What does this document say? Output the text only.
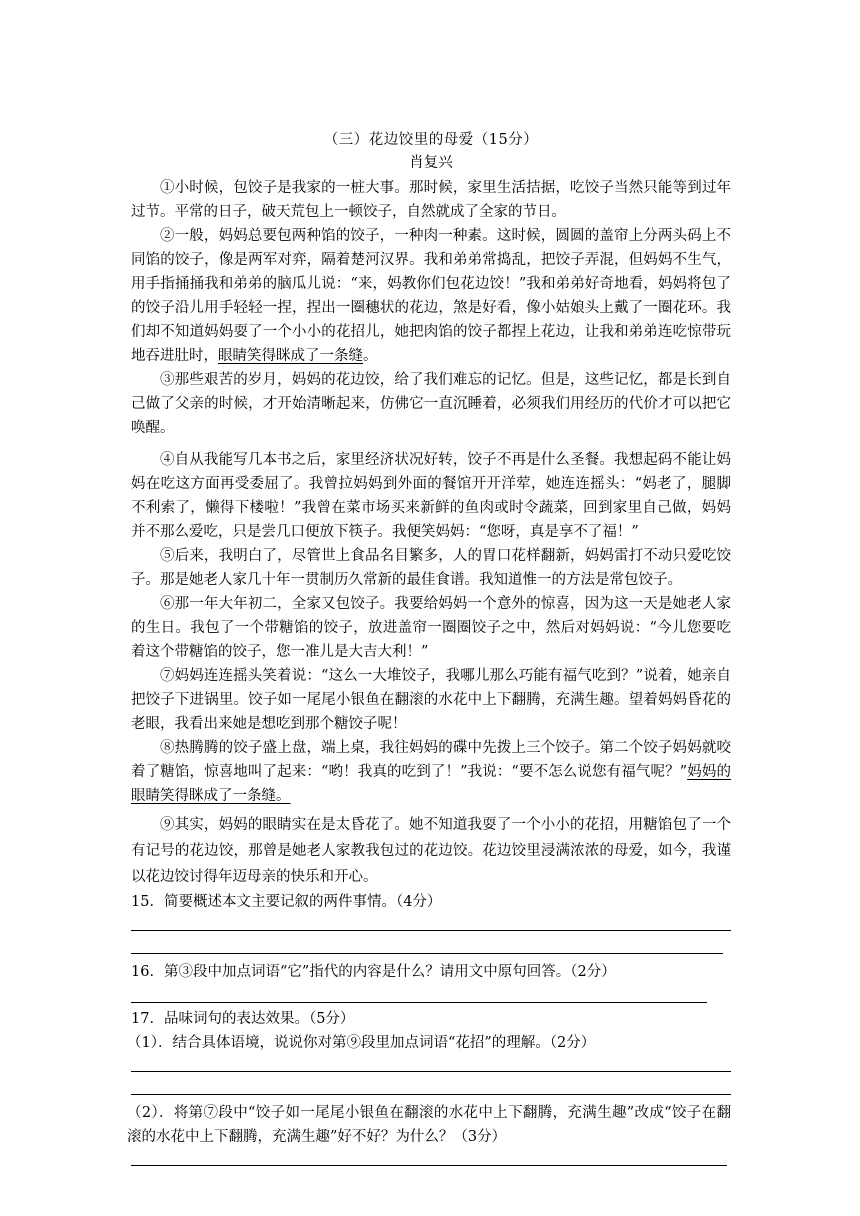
（三）花边饺里的母爱（15分）
肖复兴

①小时候，包饺子是我家的一桩大事。那时候，家里生活拮据，吃饺子当然只能等到过年过节。平常的日子，破天荒包上一顿饺子，自然就成了全家的节日。

②一般，妈妈总要包两种馅的饺子，一种肉一种素。这时候，圆圆的盖帘上分两头码上不同馅的饺子，像是两军对弈，隔着楚河汉界。我和弟弟常捣乱，把饺子弄混，但妈妈不生气，用手指捅捅我和弟弟的脑瓜儿说：“来，妈教你们包花边饺！”我和弟弟好奇地看，妈妈将包了的饺子沿儿用手轻轻一捏，捏出一圈穗状的花边，煞是好看，像小姑娘头上戴了一圈花环。我们却不知道妈妈耍了一个小小的花招儿，她把肉馅的饺子都捏上花边，让我和弟弟连吃惊带玩地吞进肚时，眼睛笑得眯成了一条缝。

③那些艰苦的岁月，妈妈的花边饺，给了我们难忘的记忆。但是，这些记忆，都是长到自己做了父亲的时候，才开始清晰起来，仿佛它一直沉睡着，必须我们用经历的代价才可以把它唤醒。

④自从我能写几本书之后，家里经济状况好转，饺子不再是什么圣餐。我想起码不能让妈妈在吃这方面再受委屈了。我曾拉妈妈到外面的餐馆开开洋荤，她连连摇头：“妈老了，腿脚不利索了，懒得下楼啦！”我曾在菜市场买来新鲜的鱼肉或时令蔬菜，回到家里自己做，妈妈并不那么爱吃，只是尝几口便放下筷子。我便笑妈妈：“您呀，真是享不了福！”

⑤后来，我明白了，尽管世上食品名目繁多，人的胃口花样翻新，妈妈雷打不动只爱吃饺子。那是她老人家几十年一贯制历久常新的最佳食谱。我知道惟一的方法是常包饺子。

⑥那一年大年初二，全家又包饺子。我要给妈妈一个意外的惊喜，因为这一天是她老人家的生日。我包了一个带糖馅的饺子，放进盖帘一圈圈饺子之中，然后对妈妈说：“今儿您要吃着这个带糖馅的饺子，您一准儿是大吉大利！”

⑦妈妈连连摇头笑着说：“这么一大堆饺子，我哪儿那么巧能有福气吃到？”说着，她亲自把饺子下进锅里。饺子如一尾尾小银鱼在翻滚的水花中上下翻腾，充满生趣。望着妈妈昏花的老眼，我看出来她是想吃到那个糖饺子呢！

⑧热腾腾的饺子盛上盘，端上桌，我往妈妈的碟中先拨上三个饺子。第二个饺子妈妈就咬着了糖馅，惊喜地叫了起来：“哟！我真的吃到了！”我说：“要不怎么说您有福气呢？”妈妈的眼睛笑得眯成了一条缝。

⑨其实，妈妈的眼睛实在是太昏花了。她不知道我耍了一个小小的花招，用糖馅包了一个有记号的花边饺，那曾是她老人家教我包过的花边饺。花边饺里浸满浓浓的母爱，如今，我谨以花边饺讨得年迈母亲的快乐和开心。

15．简要概述本文主要记叙的两件事情。（4分）

16．第③段中加点词语“它”指代的内容是什么？请用文中原句回答。（2分）

17．品味词句的表达效果。（5分）

（1）．结合具体语境，说说你对第⑨段里加点词语“花招”的理解。（2分）

（2）．将第⑦段中“饺子如一尾尾小银鱼在翻滚的水花中上下翻腾，充满生趣”改成“饺子在翻滚的水花中上下翻腾，充满生趣”好不好？为什么？（3分）
